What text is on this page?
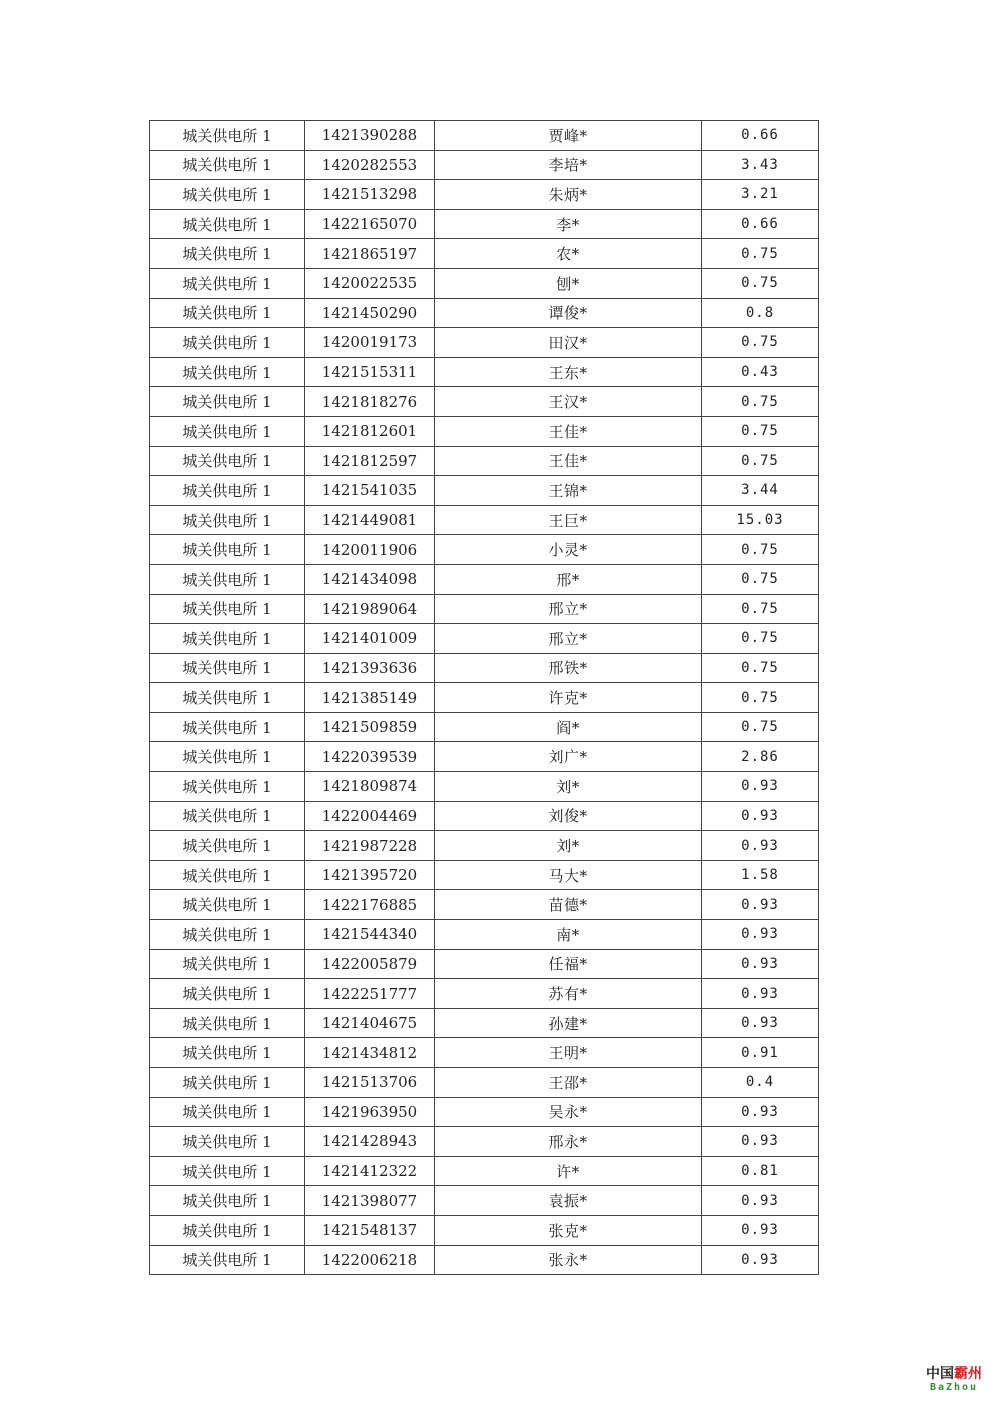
城关供电所 1	1421390288	贾峰*	0.66
城关供电所 1	1420282553	李培*	3.43
城关供电所 1	1421513298	朱炳*	3.21
城关供电所 1	1422165070	李*	0.66
城关供电所 1	1421865197	农*	0.75
城关供电所 1	1420022535	刨*	0.75
城关供电所 1	1421450290	谭俊*	0.8
城关供电所 1	1420019173	田汉*	0.75
城关供电所 1	1421515311	王东*	0.43
城关供电所 1	1421818276	王汉*	0.75
城关供电所 1	1421812601	王佳*	0.75
城关供电所 1	1421812597	王佳*	0.75
城关供电所 1	1421541035	王锦*	3.44
城关供电所 1	1421449081	王巨*	15.03
城关供电所 1	1420011906	小灵*	0.75
城关供电所 1	1421434098	邢*	0.75
城关供电所 1	1421989064	邢立*	0.75
城关供电所 1	1421401009	邢立*	0.75
城关供电所 1	1421393636	邢铁*	0.75
城关供电所 1	1421385149	许克*	0.75
城关供电所 1	1421509859	阎*	0.75
城关供电所 1	1422039539	刘广*	2.86
城关供电所 1	1421809874	刘*	0.93
城关供电所 1	1422004469	刘俊*	0.93
城关供电所 1	1421987228	刘*	0.93
城关供电所 1	1421395720	马大*	1.58
城关供电所 1	1422176885	苗德*	0.93
城关供电所 1	1421544340	南*	0.93
城关供电所 1	1422005879	任福*	0.93
城关供电所 1	1422251777	苏有*	0.93
城关供电所 1	1421404675	孙建*	0.93
城关供电所 1	1421434812	王明*	0.91
城关供电所 1	1421513706	王邵*	0.4
城关供电所 1	1421963950	吴永*	0.93
城关供电所 1	1421428943	邢永*	0.93
城关供电所 1	1421412322	许*	0.81
城关供电所 1	1421398077	袁振*	0.93
城关供电所 1	1421548137	张克*	0.93
城关供电所 1	1422006218	张永*	0.93
中国霸州
BaZhou
